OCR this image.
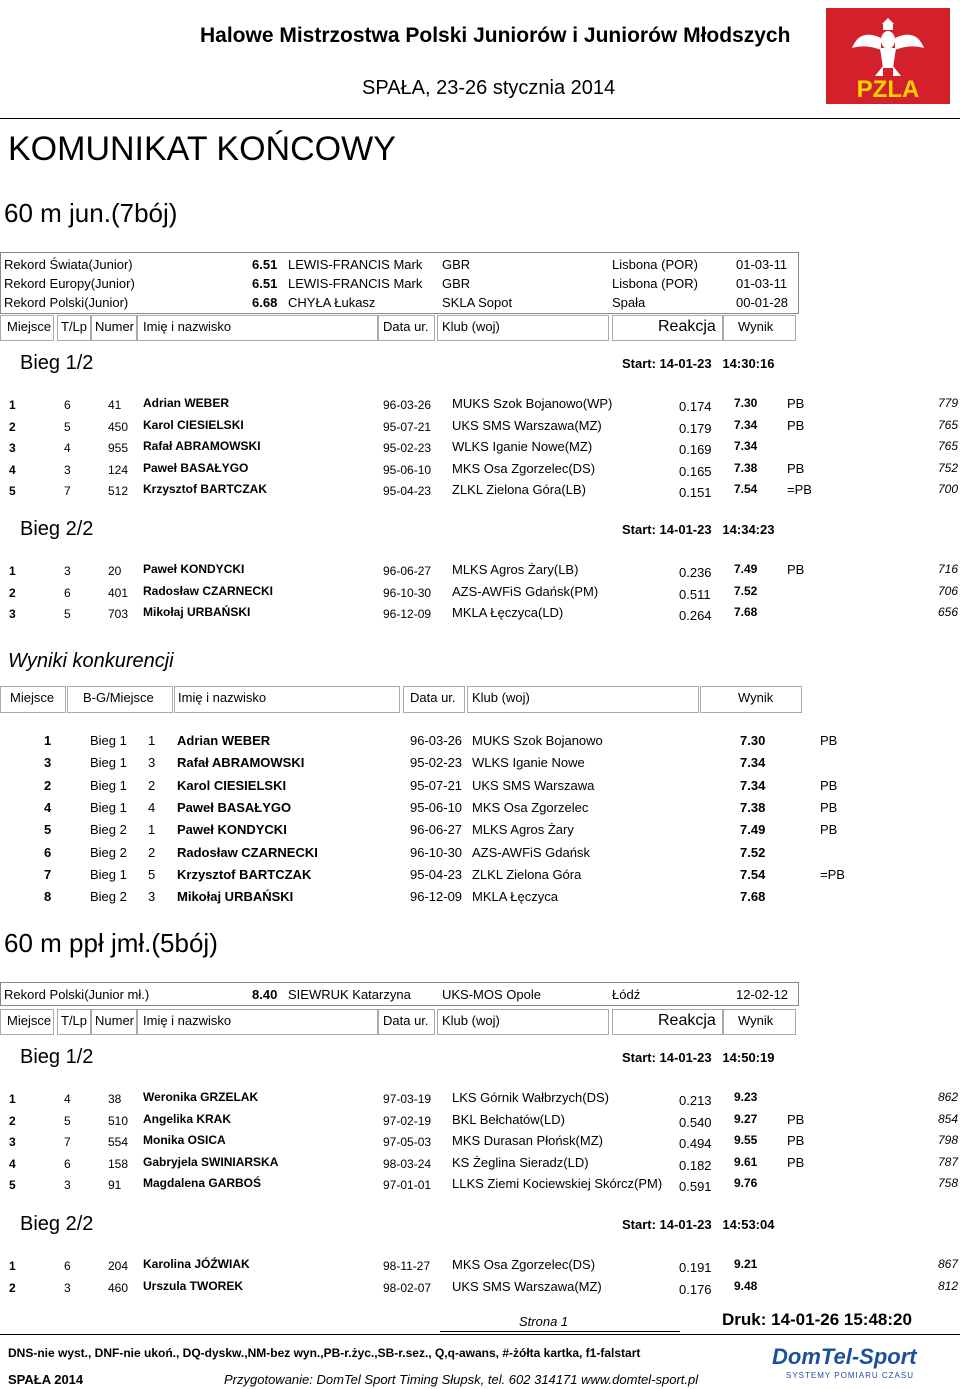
Halowe Mistrzostwa Polski Juniorów i Juniorów Młodszych
SPAŁA, 23-26 stycznia 2014	PZLA
KOMUNIKAT KOŃCOWY
60 m jun.(7bój)
Rekord Świata(Junior)	6.51 LEWIS-FRANCIS Mark GBR	Lisbona (POR)	01-03-11
Rekord Europy(Junior)	6.51 LEWIS-FRANCIS Mark GBR	Lisbona (POR)	01-03-11
Rekord Polski(Junior)	6.68 CHYŁA Łukasz	SKLA Sopot	Spała	00-01-28
Miejsce T/Lp Numer Imię i nazwisko	Data ur. Klub (woj)	Reakcja Wynik
Bieg 1/2	Start: 14-01-23   14:30:16
1	6	41 Adrian WEBER	96-03-26 MUKS Szok Bojanowo(WP)	0.174 7.30 PB	779
2	5	450 Karol CIESIELSKI	95-07-21 UKS SMS Warszawa(MZ)	0.179 7.34 PB	765
3	4	955 Rafał ABRAMOWSKI	95-02-23 WLKS Iganie Nowe(MZ)	0.169 7.34	765
4	3	124 Paweł BASAŁYGO	95-06-10 MKS Osa Zgorzelec(DS)	0.165 7.38 PB	752
5	7	512 Krzysztof BARTCZAK	95-04-23 ZLKL Zielona Góra(LB)	0.151 7.54 =PB	700
Bieg 2/2	Start: 14-01-23   14:34:23
1	3	20 Paweł KONDYCKI	96-06-27 MLKS Agros Żary(LB)	0.236 7.49 PB	716
2	6	401 Radosław CZARNECKI	96-10-30 AZS-AWFiS Gdańsk(PM)	0.511 7.52	706
3	5	703 Mikołaj URBAŃSKI	96-12-09 MKLA Łęczyca(LD)	0.264 7.68	656
Wyniki konkurencji
Miejsce B-G/Miejsce Imię i nazwisko	Data ur. Klub (woj)	Wynik
1	Bieg 1 1 Adrian WEBER	96-03-26 MUKS Szok Bojanowo	7.30	PB
3	Bieg 1 3 Rafał ABRAMOWSKI	95-02-23 WLKS Iganie Nowe	7.34
2	Bieg 1 2 Karol CIESIELSKI	95-07-21 UKS SMS Warszawa	7.34	PB
4	Bieg 1 4 Paweł BASAŁYGO	95-06-10 MKS Osa Zgorzelec	7.38	PB
5	Bieg 2 1 Paweł KONDYCKI	96-06-27 MLKS Agros Żary	7.49	PB
6	Bieg 2 2 Radosław CZARNECKI	96-10-30 AZS-AWFiS Gdańsk	7.52
7	Bieg 1 5 Krzysztof BARTCZAK	95-04-23 ZLKL Zielona Góra	7.54	=PB
8	Bieg 2 3 Mikołaj URBAŃSKI	96-12-09 MKLA Łęczyca	7.68
60 m ppł jmł.(5bój)
Rekord Polski(Junior mł.)	8.40 SIEWRUK Katarzyna UKS-MOS Opole	Łódź	12-02-12
Miejsce T/Lp Numer Imię i nazwisko	Data ur. Klub (woj)	Reakcja Wynik
Bieg 1/2	Start: 14-01-23   14:50:19
1	4	38 Weronika GRZELAK	97-03-19 LKS Górnik Wałbrzych(DS)	0.213 9.23	862
2	5	510 Angelika KRAK	97-02-19 BKL Bełchatów(LD)	0.540 9.27 PB	854
3	7	554 Monika OSICA	97-05-03 MKS Durasan Płońsk(MZ)	0.494 9.55 PB	798
4	6	158 Gabryjela SWINIARSKA	98-03-24 KS Żeglina Sieradz(LD)	0.182 9.61 PB	787
5	3	91 Magdalena GARBOŚ	97-01-01 LLKS Ziemi Kociewskiej Skórcz(PM) 0.591 9.76	758
Bieg 2/2	Start: 14-01-23   14:53:04
1	6	204 Karolina JÓŹWIAK	98-11-27 MKS Osa Zgorzelec(DS)	0.191 9.21	867
2	3	460 Urszula TWOREK	98-02-07 UKS SMS Warszawa(MZ)	0.176 9.48	812
Strona 1	Druk: 14-01-26 15:48:20
DNS-nie wyst., DNF-nie ukoń., DQ-dyskw.,NM-bez wyn.,PB-r.życ.,SB-r.sez., Q,q-awans, #-żółta kartka, f1-falstart
SPAŁA 2014	Przygotowanie: DomTel Sport Timing Słupsk, tel. 602 314171 www.domtel-sport.pl
DomTel-Sport
SYSTEMY POMIARU CZASU
